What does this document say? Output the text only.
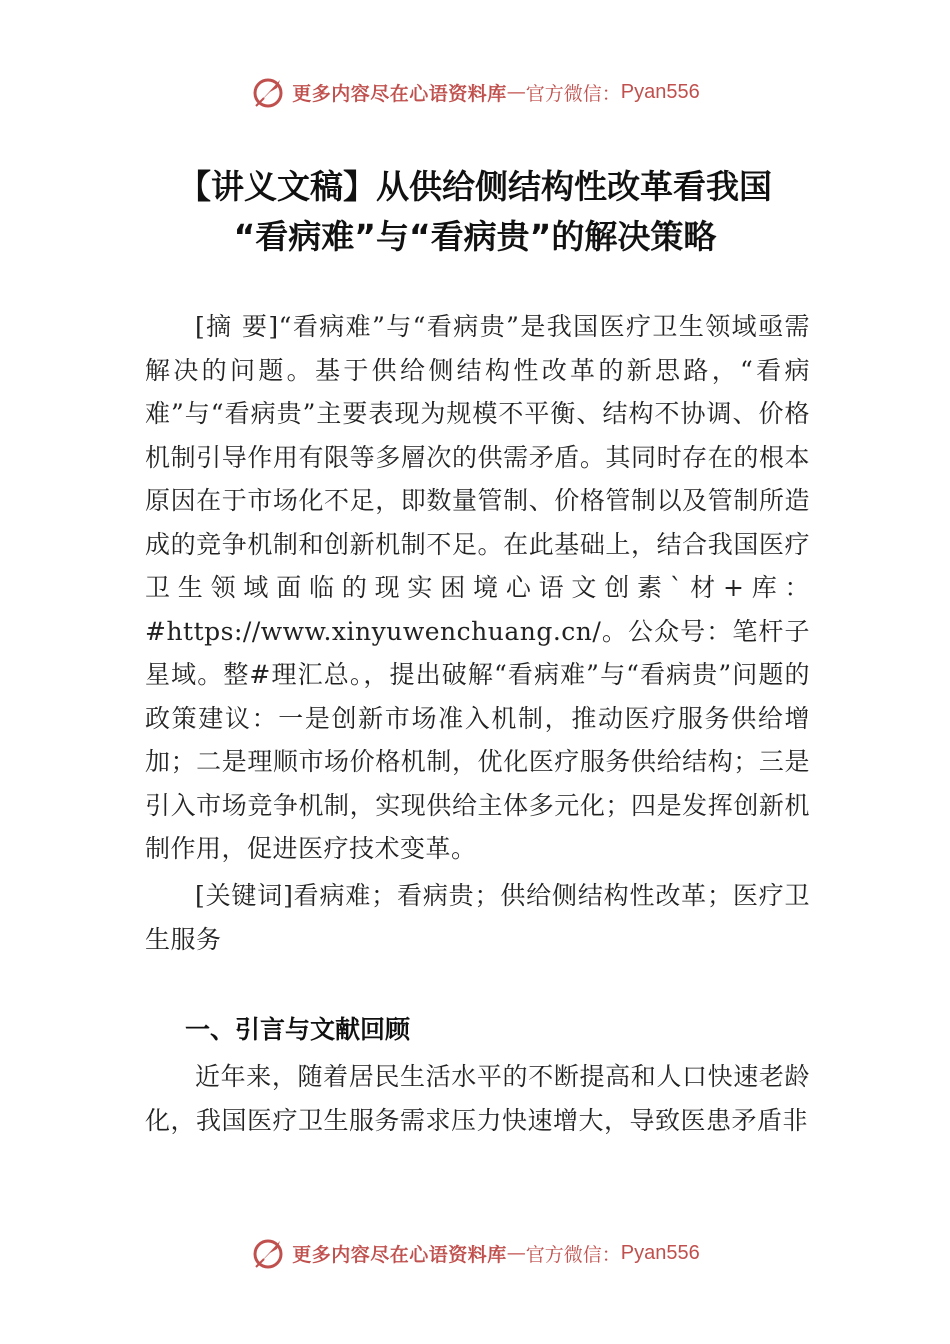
更多内容尽在心语资料库 — 官方微信： Pyan556
【讲义文稿】从供给侧结构性改革看我国
“看病难”与“看病贵”的解决策略

[摘 要]“看病难”与“看病贵”是我国医疗卫生领域亟需解决的问题。基于供给侧结构性改革的新思路，“看病难”与“看病贵”主要表现为规模不平衡、结构不协调、价格机制引导作用有限等多層次的供需矛盾。其同时存在的根本原因在于市场化不足，即数量管制、价格管制以及管制所造成的竞争机制和创新机制不足。在此基础上，结合我国医疗卫生领域面临的现实困境心语文创素`材+库：#https://www.xinyuwenchuang.cn/。公众号：笔杆子星域。整#理汇总。，提出破解“看病难”与“看病贵”问题的政策建议：一是创新市场准入机制，推动医疗服务供给增加；二是理顺市场价格机制，优化医疗服务供给结构；三是引入市场竞争机制，实现供给主体多元化；四是发挥创新机制作用，促进医疗技术变革。

[关键词]看病难；看病贵；供给侧结构性改革；医疗卫生服务

一、引言与文献回顾

近年来，随着居民生活水平的不断提高和人口快速老龄化，我国医疗卫生服务需求压力快速增大，导致医患矛盾非

更多内容尽在心语资料库 — 官方微信： Pyan556
